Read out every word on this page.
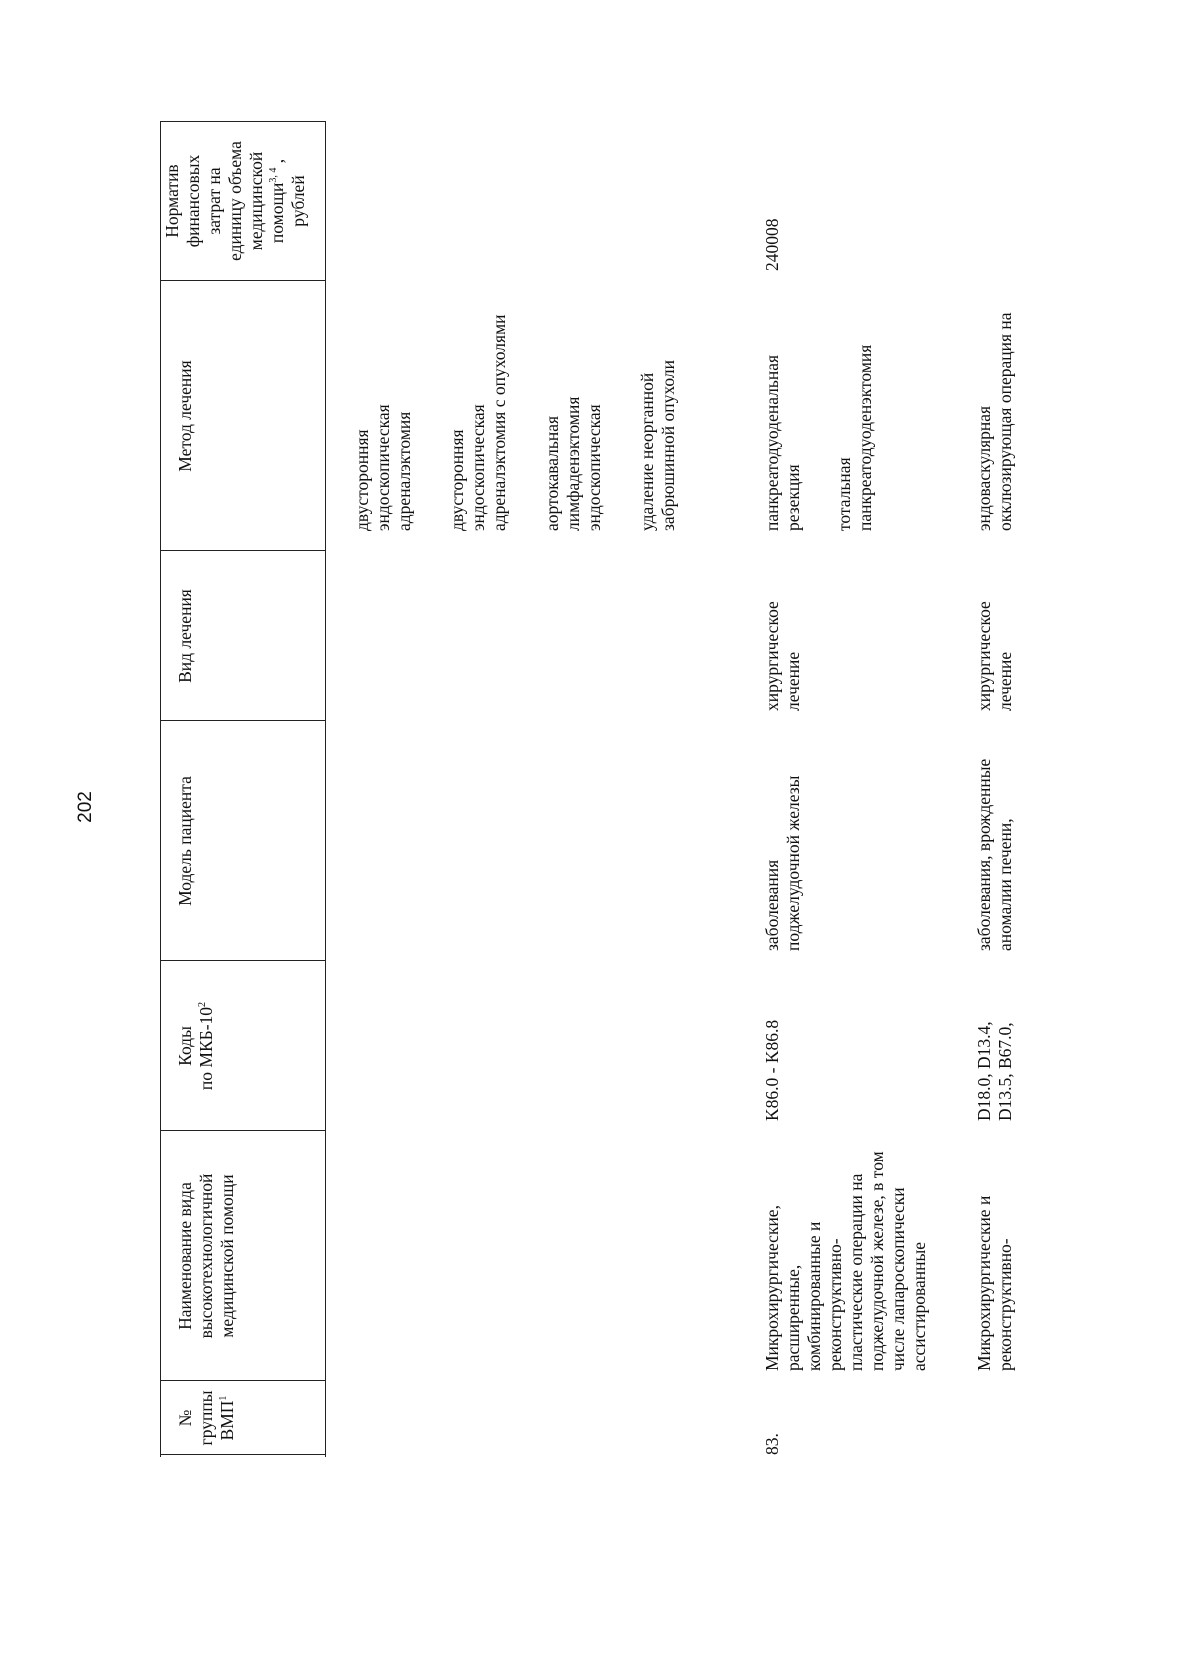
202
№
группы
ВМП$^1$
Наименование вида
высокотехнологичной
медицинской помощи
Коды
по МКБ-$10^2$
Модель пациента
Вид лечения
Метод лечения
Норматив
финансовых
затрат на
единицу объема
медицинской
помощи$^{3, 4}$ ,
рублей
двусторонняя
эндоскопическая
адреналэктомия двусторонняя
эндоскопическая
адреналэктомия с опухолями
аортокавальная
лимфаденэктомия
эндоскопическая удаление неорганной
забрюшинной опухоли
83.
Микрохирургические,
расширенные,
комбинированные и
реконструктивно-
пластические операции на
поджелудочной железе, в том
числе лапароскопически
ассистированные
K86.0 - K86.8
заболевания
поджелудочной железы
хирургическое
лечение
панкреатодуоденальная
резекция тотальная
панкреатодуоденэктомия
240008
Микрохирургические и
реконструктивно-
D18.0, D13.4,
D13.5, B67.0,
заболевания, врожденные
аномалии печени,
хирургическое
лечение
эндоваскулярная
окклюзирующая операция на
